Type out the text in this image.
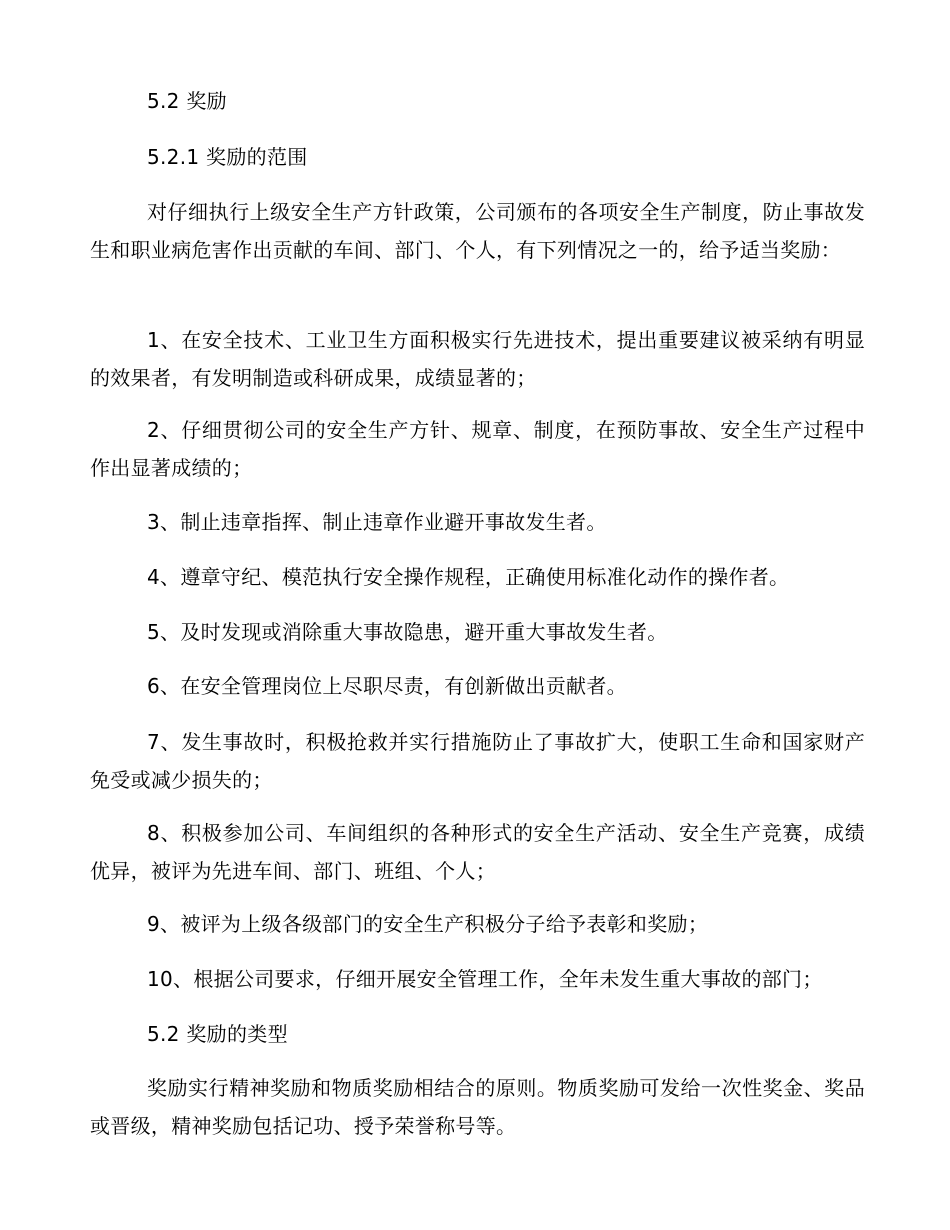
5.2 奖励

5.2.1 奖励的范围

对仔细执行上级安全生产方针政策，公司颁布的各项安全生产制度，防止事故发生和职业病危害作出贡献的车间、部门、个人，有下列情况之一的，给予适当奖励：

1、在安全技术、工业卫生方面积极实行先进技术，提出重要建议被采纳有明显的效果者，有发明制造或科研成果，成绩显著的；

2、仔细贯彻公司的安全生产方针、规章、制度，在预防事故、安全生产过程中作出显著成绩的；

3、制止违章指挥、制止违章作业避开事故发生者。

4、遵章守纪、模范执行安全操作规程，正确使用标准化动作的操作者。

5、及时发现或消除重大事故隐患，避开重大事故发生者。

6、在安全管理岗位上尽职尽责，有创新做出贡献者。

7、发生事故时，积极抢救并实行措施防止了事故扩大，使职工生命和国家财产免受或减少损失的；

8、积极参加公司、车间组织的各种形式的安全生产活动、安全生产竞赛，成绩优异，被评为先进车间、部门、班组、个人；

9、被评为上级各级部门的安全生产积极分子给予表彰和奖励；

10、根据公司要求，仔细开展安全管理工作，全年未发生重大事故的部门；

5.2 奖励的类型

奖励实行精神奖励和物质奖励相结合的原则。物质奖励可发给一次性奖金、奖品或晋级，精神奖励包括记功、授予荣誉称号等。
